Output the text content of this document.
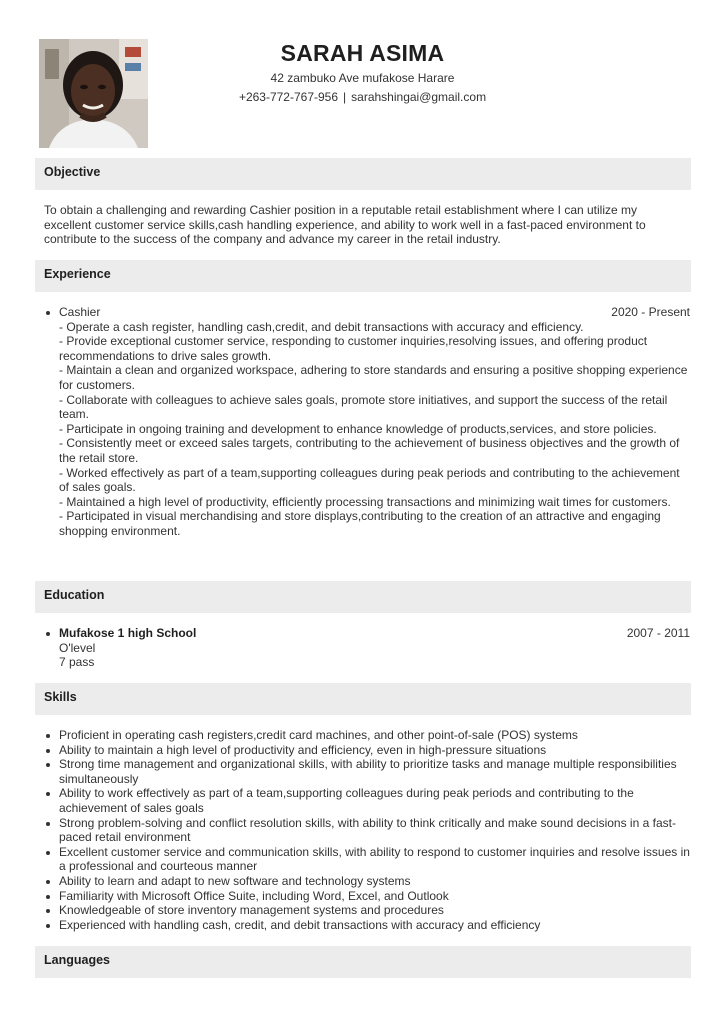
SARAH ASIMA
42 zambuko Ave mufakose Harare
+263-772-767-956 | sarahshingai@gmail.com
Objective
To obtain a challenging and rewarding Cashier position in a reputable retail establishment where I can utilize my excellent customer service skills,cash handling experience, and ability to work well in a fast-paced environment to contribute to the success of the company and advance my career in the retail industry.
Experience
Cashier	2020 - Present
- Operate a cash register, handling cash,credit, and debit transactions with accuracy and efficiency.
- Provide exceptional customer service, responding to customer inquiries,resolving issues, and offering product recommendations to drive sales growth.
- Maintain a clean and organized workspace, adhering to store standards and ensuring a positive shopping experience for customers.
- Collaborate with colleagues to achieve sales goals, promote store initiatives, and support the success of the retail team.
- Participate in ongoing training and development to enhance knowledge of products,services, and store policies.
- Consistently meet or exceed sales targets, contributing to the achievement of business objectives and the growth of the retail store.
- Worked effectively as part of a team,supporting colleagues during peak periods and contributing to the achievement of sales goals.
- Maintained a high level of productivity, efficiently processing transactions and minimizing wait times for customers.
- Participated in visual merchandising and store displays,contributing to the creation of an attractive and engaging shopping environment.
Education
Mufakose 1 high School	2007 - 2011
O'level
7 pass
Skills
Proficient in operating cash registers,credit card machines, and other point-of-sale (POS) systems
Ability to maintain a high level of productivity and efficiency, even in high-pressure situations
Strong time management and organizational skills, with ability to prioritize tasks and manage multiple responsibilities simultaneously
Ability to work effectively as part of a team,supporting colleagues during peak periods and contributing to the achievement of sales goals
Strong problem-solving and conflict resolution skills, with ability to think critically and make sound decisions in a fast-paced retail environment
Excellent customer service and communication skills, with ability to respond to customer inquiries and resolve issues in a professional and courteous manner
Ability to learn and adapt to new software and technology systems
Familiarity with Microsoft Office Suite, including Word, Excel, and Outlook
Knowledgeable of store inventory management systems and procedures
Experienced with handling cash, credit, and debit transactions with accuracy and efficiency
Languages
